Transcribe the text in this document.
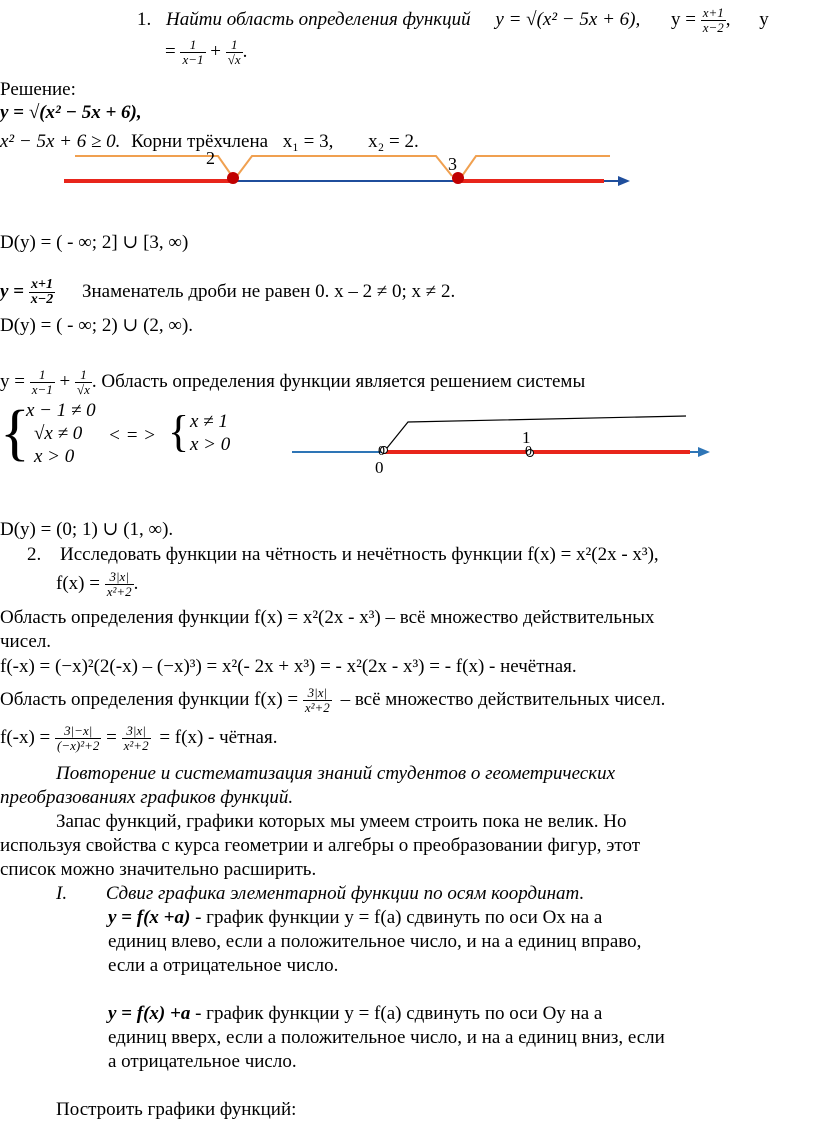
1. Найти область определения функций y = √(x² − 5x + 6), $y = \frac{x+1}{x-2}$ , y
= $\frac{1}{x-1} + \frac{1}{√x}$ .
Решение:
y = √(x² − 5x + 6),
x² − 5x + 6 ≥ 0. Корни трёхчлена x₁ = 3, x₂ = 2.
2	3
D(y) = ( - ∞; 2] ∪ [3, ∞)
$y = \frac{x+1}{x-2}$ Знаменатель дроби не равен 0. x – 2 ≠ 0; x ≠ 2.
D(y) = ( - ∞; 2) ∪ (2, ∞).
$y = \frac{1}{x-1} + \frac{1}{√x}$ . Область определения функции является решением системы
{
x − 1 ≠ 0
√x ≠ 0
x > 0
< = > { x ≠ 1
x > 0	1
0
0
0
D(y) = (0; 1) ∪ (1, ∞).
2. Исследовать функции на чётность и нечётность функции f(x) = x²(2x - x³),
$f(x) = \frac{3|x|}{\text{x²+2}}$ .
Область определения функции f(x) = x²(2x - x³) – всё множество действительных
чисел.
f(-x) = (−x)²(2(-x) – (−x)³) = x²(- 2x + x³) = - x²(2x - x³) = - f(x) - нечётная.
Область определения функции $f(x) = \frac{3|x|}{\text{x²+2}}$ – всё множество действительных чисел.
$f(-x) = \frac{3|-x|}{\text{(−x)²+2}} = \frac{3|x|}{\text{x²+2}} = f(x)$ - чётная.
Повторение и систематизация знаний студентов о геометрических
преобразованиях графиков функций.
Запас функций, графики которых мы умеем строить пока не велик. Но
используя свойства с курса геометрии и алгебры о преобразовании фигур, этот
список можно значительно расширить.
I. Сдвиг графика элементарной функции по осям координат.
y = f(x +a) - график функции y = f(a) сдвинуть по оси Ox на a
единиц влево, если a положительное число, и на a единиц вправо,
если a отрицательное число.
y = f(x) +a - график функции y = f(a) сдвинуть по оси Oy на a
единиц вверх, если a положительное число, и на a единиц вниз, если
a отрицательное число.
Построить графики функций:
